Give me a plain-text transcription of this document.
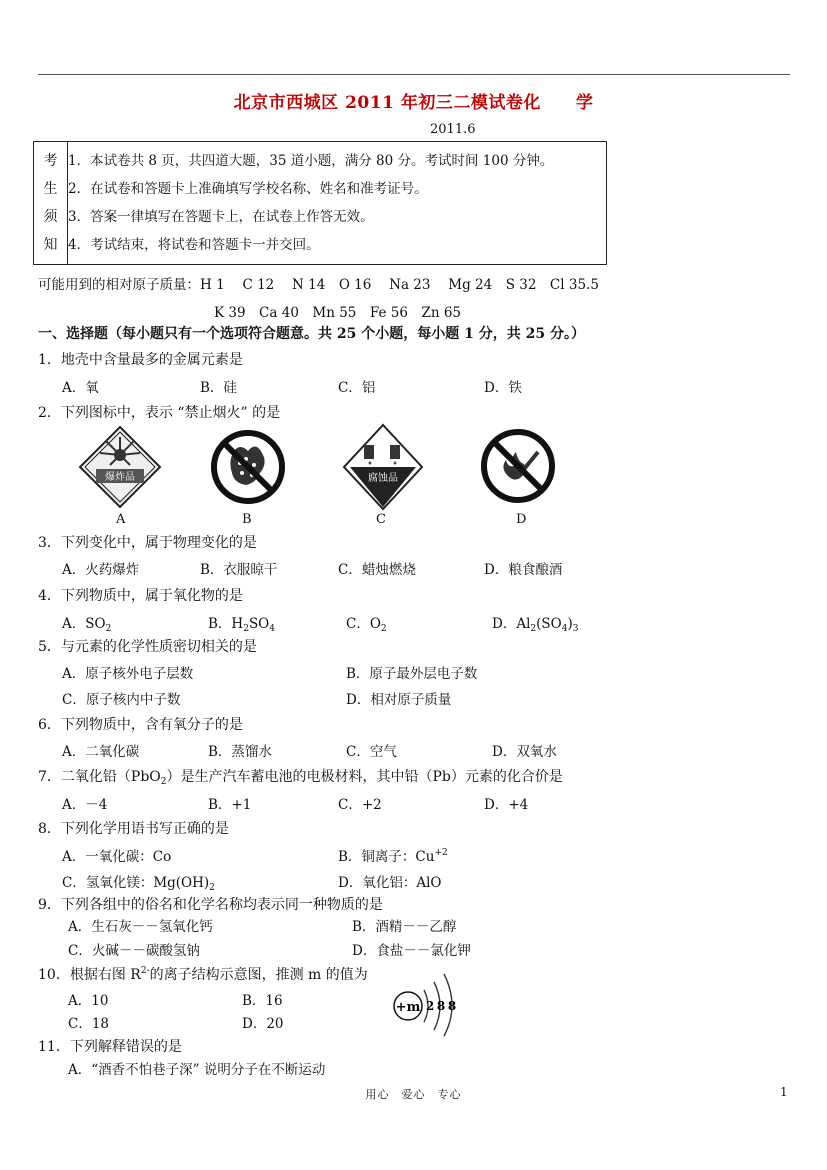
北京市西城区 2011 年初三二模试卷化　　学
2011.6
考
生
须
知

1．本试卷共 8 页，共四道大题，35 道小题，满分 80 分。考试时间 100 分钟。
2．在试卷和答题卡上准确填写学校名称、姓名和准考证号。
3．答案一律填写在答题卡上，在试卷上作答无效。
4．考试结束，将试卷和答题卡一并交回。
可能用到的相对原子质量：H 1　 C 12　 N 14　O 16　 Na 23　 Mg 24　S 32　Cl 35.5
K 39　Ca 40　Mn 55　Fe 56　Zn 65
一、选择题（每小题只有一个选项符合题意。共 25 个小题，每小题 1 分，共 25 分。）
1．地壳中含量最多的金属元素是
A．氧	B．硅	C．铝	D．铁
2．下列图标中，表示 “禁止烟火” 的是
爆炸品	腐蚀品
A	B	C	D
3．下列变化中，属于物理变化的是
A．火药爆炸	B．衣服晾干	C．蜡烛燃烧	D．粮食酿酒
4．下列物质中，属于氧化物的是
A．$SO_2$	B．$H_2SO_4$	C．$O_2$	D．$Al_2(SO_4)_3$
5．与元素的化学性质密切相关的是
A．原子核外电子层数	B．原子最外层电子数
C．原子核内中子数	D．相对原子质量
6．下列物质中，含有氧分子的是
A．二氧化碳	B．蒸馏水	C．空气	D．双氧水
7．二氧化铅（PbO$_2$）是生产汽车蓄电池的电极材料，其中铅（Pb）元素的化合价是
A．－4	B．+1	C．+2	D．+4
8．下列化学用语书写正确的是
A．一氧化碳：Co	B．铜离子：$Cu^{+2}$
C．氢氧化镁：$Mg(OH)_2$	D．氧化铝：AlO
9．下列各组中的俗名和化学名称均表示同一种物质的是
A．生石灰－－氢氧化钙	B．酒精－－乙醇
C．火碱－－碳酸氢钠	D．食盐－－氯化钾
10．根据右图 $R^{2-}$的离子结构示意图，推测 m 的值为
A．10	B．16
C．18	D．20
+m 2 8 8
11．下列解释错误的是
A．“酒香不怕巷子深” 说明分子在不断运动
用心　爱心　专心	1
